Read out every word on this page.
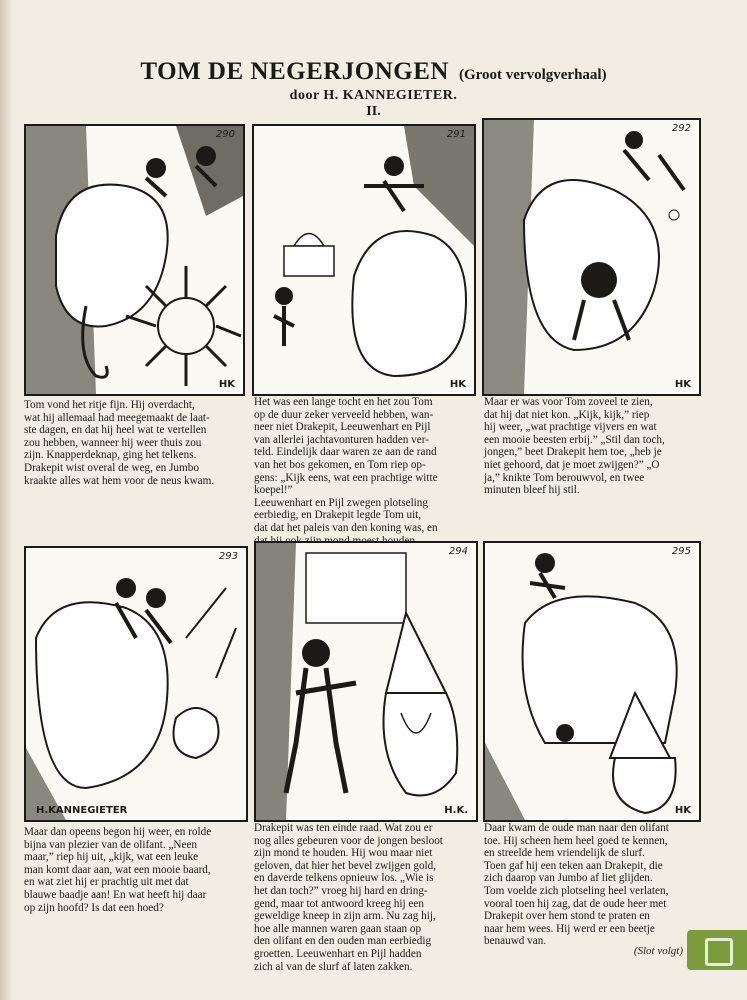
TOM DE NEGERJONGEN (Groot vervolgverhaal)
door H. KANNEGIETER.
II.
290
HK
291
HK
292
HK
Tom vond het ritje fijn. Hij overdacht,
wat hij allemaal had meegemaakt de laat-
ste dagen, en dat hij heel wat te vertellen
zou hebben, wanneer hij weer thuis zou
zijn. Knapperdeknap, ging het telkens.
Drakepit wist overal de weg, en Jumbo
kraakte alles wat hem voor de neus kwam.
Het was een lange tocht en het zou Tom
op de duur zeker verveeld hebben, wan-
neer niet Drakepit, Leeuwenhart en Pijl
van allerlei jachtavonturen hadden ver-
teld. Eindelijk daar waren ze aan de rand
van het bos gekomen, en Tom riep op-
gens: „Kijk eens, wat een prachtige witte
koepel!”
Leeuwenhart en Pijl zwegen plotseling
eerbiedig, en Drakepit legde Tom uit,
dat dat het paleis van den koning was, en

Maar er was voor Tom zoveel te zien,
dat hij dat niet kon. „Kijk, kijk,” riep
hij weer, „wat prachtige vijvers en wat
een mooie beesten erbij.” „Stil dan toch,
jongen,” beet Drakepit hem toe, „heb je
niet gehoord, dat je moet zwijgen?” „O
ja,” knikte Tom berouwvol, en twee
minuten bleef hij stil.
293
H.KANNEGIETER
294
H.K.
295
HK
Maar dan opeens begon hij weer, en rolde
bijna van plezier van de olifant. „Neen
maar,” riep hij uit, „kijk, wat een leuke
man komt daar aan, wat een mooie baard,
en wat ziet hij er prachtig uit met dat
blauwe baadje aan! En wat heeft hij daar
op zijn hoofd? Is dat een hoed?
Drakepit was ten einde raad. Wat zou er
nog alles gebeuren voor de jongen besloot
zijn mond te houden. Hij wou maar niet
geloven, dat hier het bevel zwijgen gold,
en daverde telkens opnieuw los. „Wie is
het dan toch?” vroeg hij hard en dring-
gend, maar tot antwoord kreeg hij een
geweldige kneep in zijn arm. Nu zag hij,
hoe alle mannen waren gaan staan op
den olifant en den ouden man eerbiedig
groetten. Leeuwenhart en Pijl hadden
zich al van de slurf af laten zakken.
Daar kwam de oude man naar den olifant
toe. Hij scheen hem heel goed te kennen,
en streelde hem vriendelijk de slurf.
Toen gaf hij een teken aan Drakepit, die
zich daarop van Jumbo af liet glijden.
Tom voelde zich plotseling heel verlaten,
vooral toen hij zag, dat de oude heer met
Drakepit over hem stond te praten en
naar hem wees. Hij werd er een beetje
benauwd van.
(Slot volgt)
